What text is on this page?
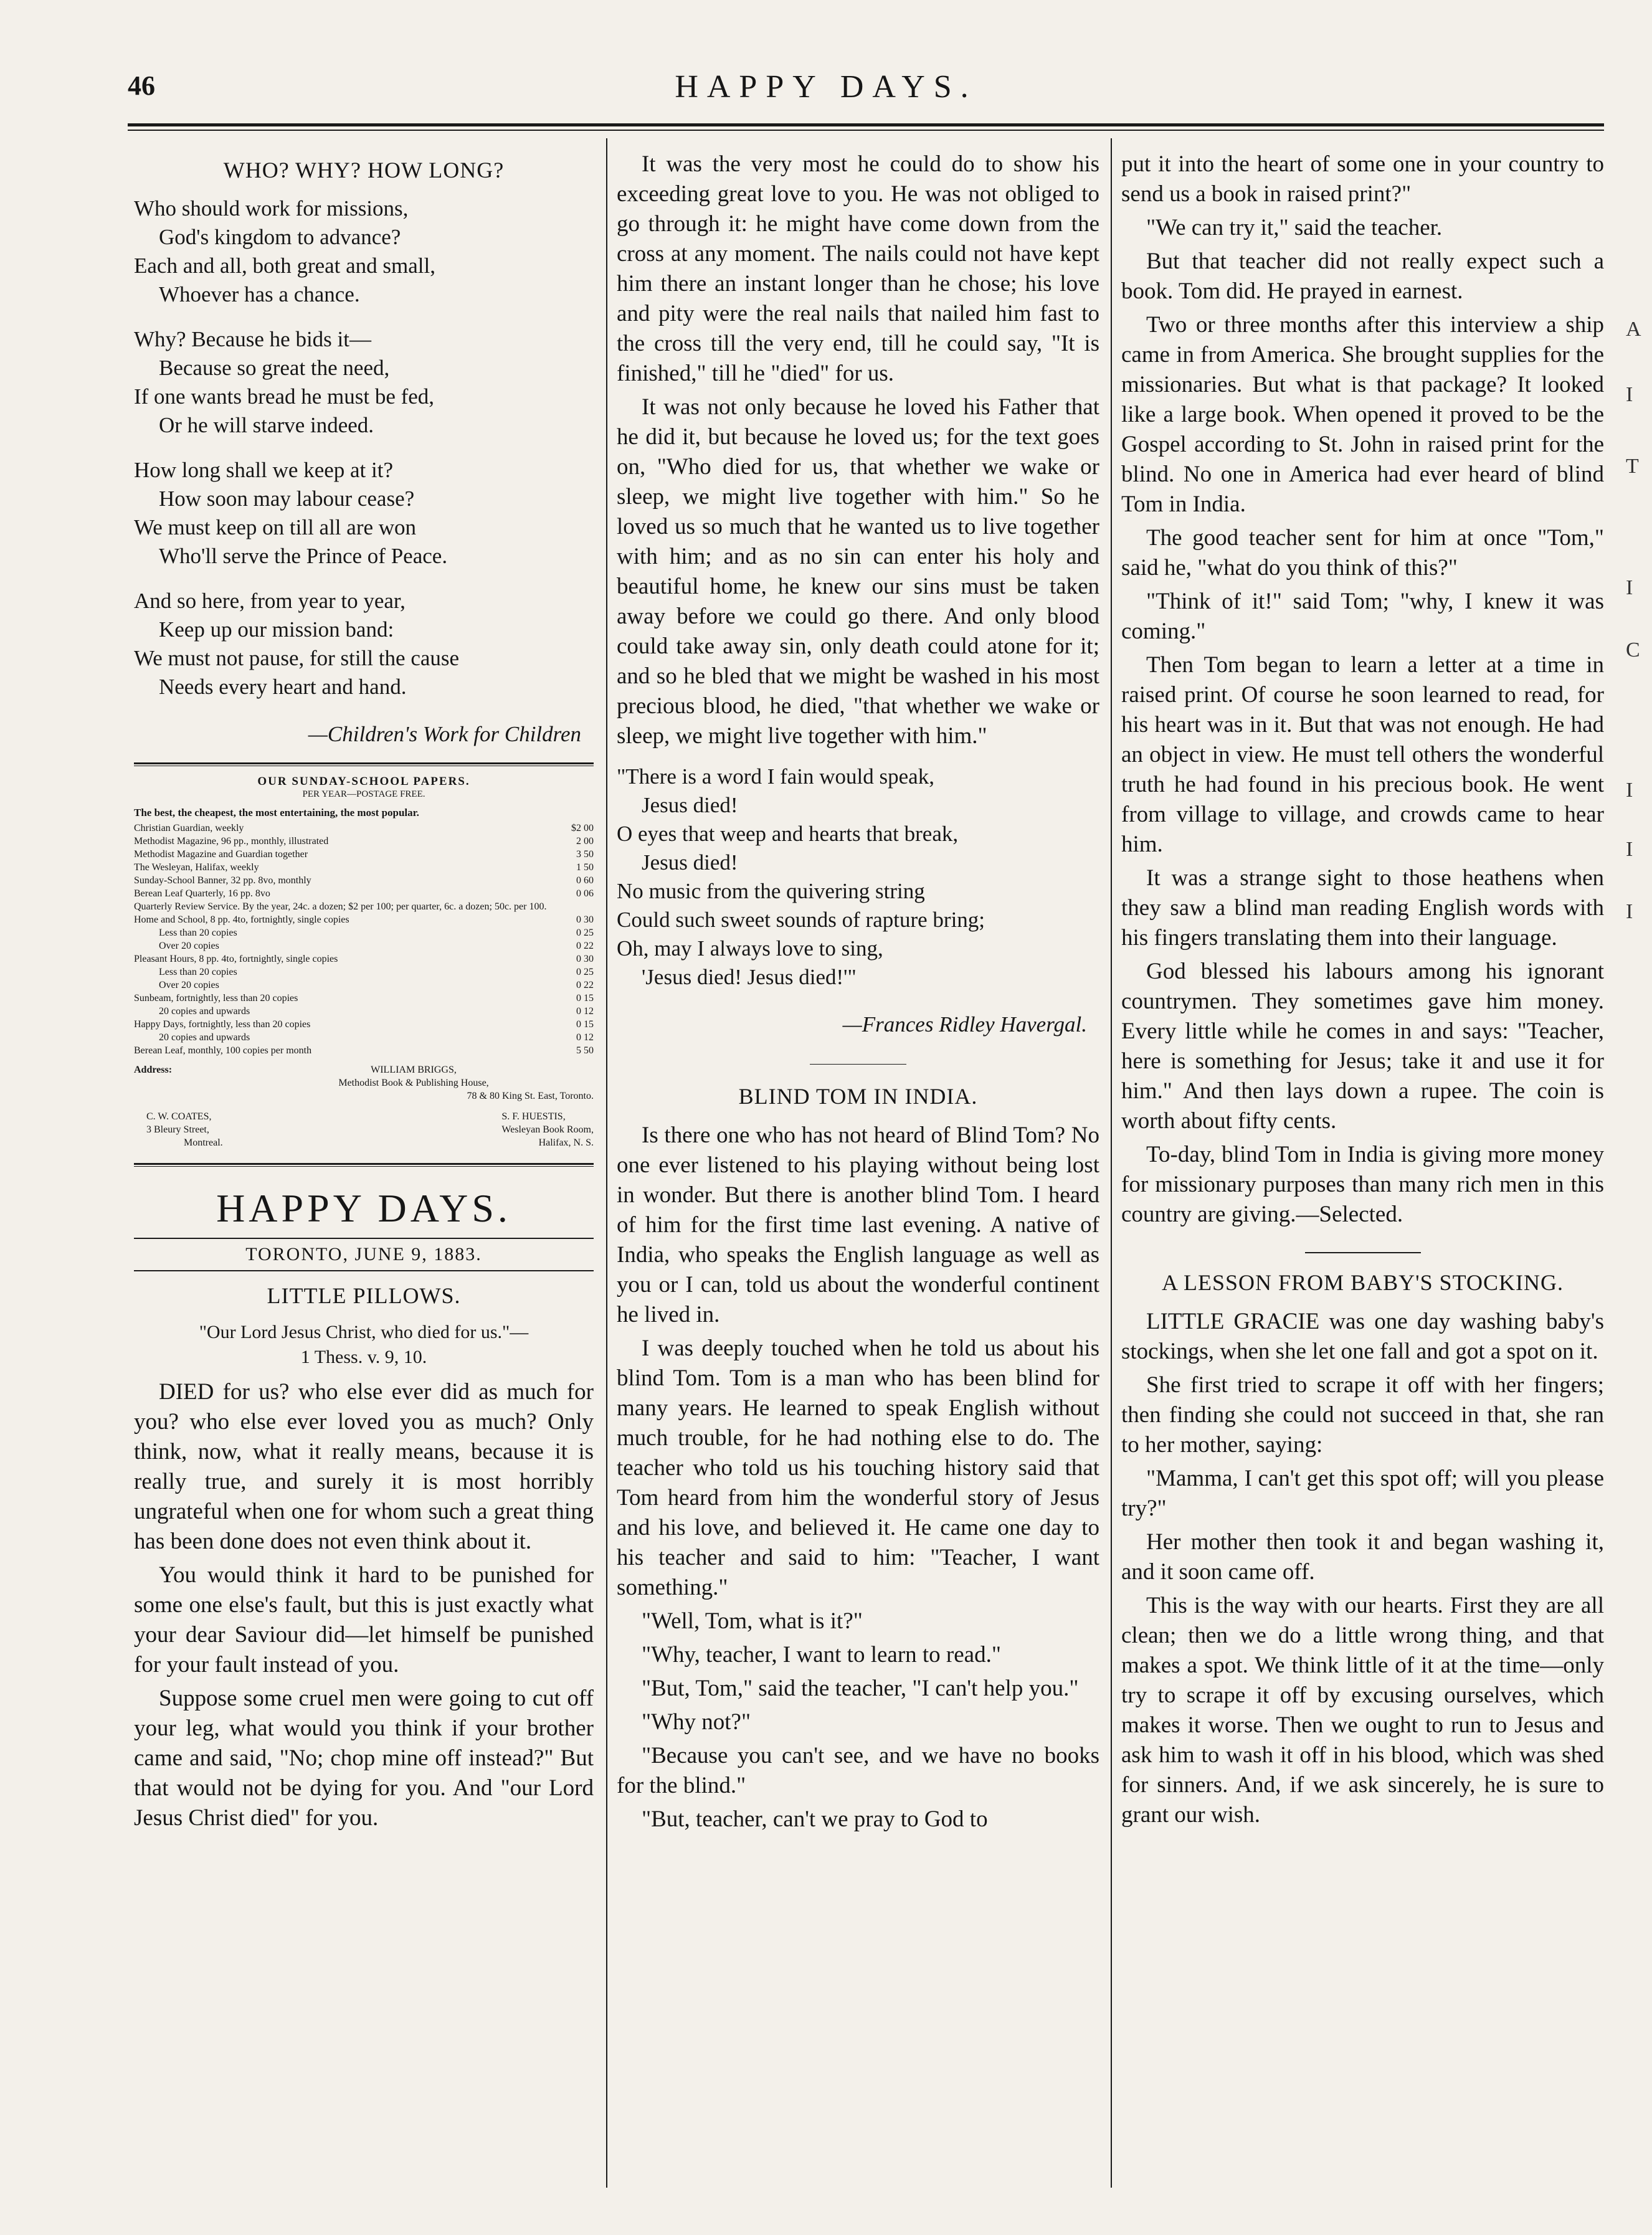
46	HAPPY DAYS.
WHO? WHY? HOW LONG?
Who should work for missions,
God's kingdom to advance?
Each and all, both great and small,
Whoever has a chance.
Why? Because he bids it—
Because so great the need,
If one wants bread he must be fed,
Or he will starve indeed.
How long shall we keep at it?
How soon may labour cease?
We must keep on till all are won
Who'll serve the Prince of Peace.
And so here, from year to year,
Keep up our mission band:
We must not pause, for still the cause
Needs every heart and hand.
—Children's Work for Children
OUR SUNDAY-SCHOOL PAPERS.
PER YEAR—POSTAGE FREE.
The best, the cheapest, the most entertaining, the most popular.
Christian Guardian, weekly	$2 00
Methodist Magazine, 96 pp., monthly, illustrated	2 00
Methodist Magazine and Guardian together	3 50
The Wesleyan, Halifax, weekly	1 50
Sunday-School Banner, 32 pp. 8vo, monthly	0 60
Berean Leaf Quarterly, 16 pp. 8vo	0 06
Quarterly Review Service. By the year, 24c. a dozen; $2 per 100; per quarter, 6c. a dozen; 50c. per 100.
Home and School, 8 pp. 4to, fortnightly, single copies	0 30
Less than 20 copies	0 25
Over 20 copies	0 22
Pleasant Hours, 8 pp. 4to, fortnightly, single copies	0 30
Less than 20 copies	0 25
Over 20 copies	0 22
Sunbeam, fortnightly, less than 20 copies	0 15
20 copies and upwards	0 12
Happy Days, fortnightly, less than 20 copies	0 15
20 copies and upwards	0 12
Berean Leaf, monthly, 100 copies per month	5 50
Address:	WILLIAM BRIGGS,
Methodist Book & Publishing House,
78 & 80 King St. East, Toronto.
C. W. COATES,
3 Bleury Street,
Montreal.
S. F. HUESTIS,
Wesleyan Book Room,
Halifax, N. S.
HAPPY DAYS.
TORONTO, JUNE 9, 1883.
LITTLE PILLOWS.
"Our Lord Jesus Christ, who died for us."—
1 Thess. v. 9, 10.

DIED for us? who else ever did as much for you? who else ever loved you as much? Only think, now, what it really means, because it is really true, and surely it is most horribly ungrateful when one for whom such a great thing has been done does not even think about it.

You would think it hard to be punished for some one else's fault, but this is just exactly what your dear Saviour did—let himself be punished for your fault instead of you.

Suppose some cruel men were going to cut off your leg, what would you think if your brother came and said, "No; chop mine off instead?" But that would not be dying for you. And "our Lord Jesus Christ died" for you.

It was the very most he could do to show his exceeding great love to you. He was not obliged to go through it: he might have come down from the cross at any moment. The nails could not have kept him there an instant longer than he chose; his love and pity were the real nails that nailed him fast to the cross till the very end, till he could say, "It is finished," till he "died" for us.

It was not only because he loved his Father that he did it, but because he loved us; for the text goes on, "Who died for us, that whether we wake or sleep, we might live together with him." So he loved us so much that he wanted us to live together with him; and as no sin can enter his holy and beautiful home, he knew our sins must be taken away before we could go there. And only blood could take away sin, only death could atone for it; and so he bled that we might be washed in his most precious blood, he died, "that whether we wake or sleep, we might live together with him."

"There is a word I fain would speak,
Jesus died!
O eyes that weep and hearts that break,
Jesus died!
No music from the quivering string
Could such sweet sounds of rapture bring;
Oh, may I always love to sing,
'Jesus died! Jesus died!'"
—Frances Ridley Havergal.
BLIND TOM IN INDIA.

Is there one who has not heard of Blind Tom? No one ever listened to his playing without being lost in wonder. But there is another blind Tom. I heard of him for the first time last evening. A native of India, who speaks the English language as well as you or I can, told us about the wonderful continent he lived in.

I was deeply touched when he told us about his blind Tom. Tom is a man who has been blind for many years. He learned to speak English without much trouble, for he had nothing else to do. The teacher who told us his touching history said that Tom heard from him the wonderful story of Jesus and his love, and believed it. He came one day to his teacher and said to him: "Teacher, I want something."

"Well, Tom, what is it?"

"Why, teacher, I want to learn to read."

"But, Tom," said the teacher, "I can't help you."

"Why not?"

"Because you can't see, and we have no books for the blind."

"But, teacher, can't we pray to God to

put it into the heart of some one in your country to send us a book in raised print?"

"We can try it," said the teacher.

But that teacher did not really expect such a book. Tom did. He prayed in earnest.

Two or three months after this interview a ship came in from America. She brought supplies for the missionaries. But what is that package? It looked like a large book. When opened it proved to be the Gospel according to St. John in raised print for the blind. No one in America had ever heard of blind Tom in India.

The good teacher sent for him at once "Tom," said he, "what do you think of this?"

"Think of it!" said Tom; "why, I knew it was coming."

Then Tom began to learn a letter at a time in raised print. Of course he soon learned to read, for his heart was in it. But that was not enough. He had an object in view. He must tell others the wonderful truth he had found in his precious book. He went from village to village, and crowds came to hear him.

It was a strange sight to those heathens when they saw a blind man reading English words with his fingers translating them into their language.

God blessed his labours among his ignorant countrymen. They sometimes gave him money. Every little while he comes in and says: "Teacher, here is something for Jesus; take it and use it for him." And then lays down a rupee. The coin is worth about fifty cents.

To-day, blind Tom in India is giving more money for missionary purposes than many rich men in this country are giving.—Selected.

A LESSON FROM BABY'S STOCKING.

LITTLE GRACIE was one day washing baby's stockings, when she let one fall and got a spot on it.

She first tried to scrape it off with her fingers; then finding she could not succeed in that, she ran to her mother, saying:

"Mamma, I can't get this spot off; will you please try?"

Her mother then took it and began washing it, and it soon came off.

This is the way with our hearts. First they are all clean; then we do a little wrong thing, and that makes a spot. We think little of it at the time—only try to scrape it off by excusing ourselves, which makes it worse. Then we ought to run to Jesus and ask him to wash it off in his blood, which was shed for sinners. And, if we ask sincerely, he is sure to grant our wish.

A
I
T
I
C
I
I
I
